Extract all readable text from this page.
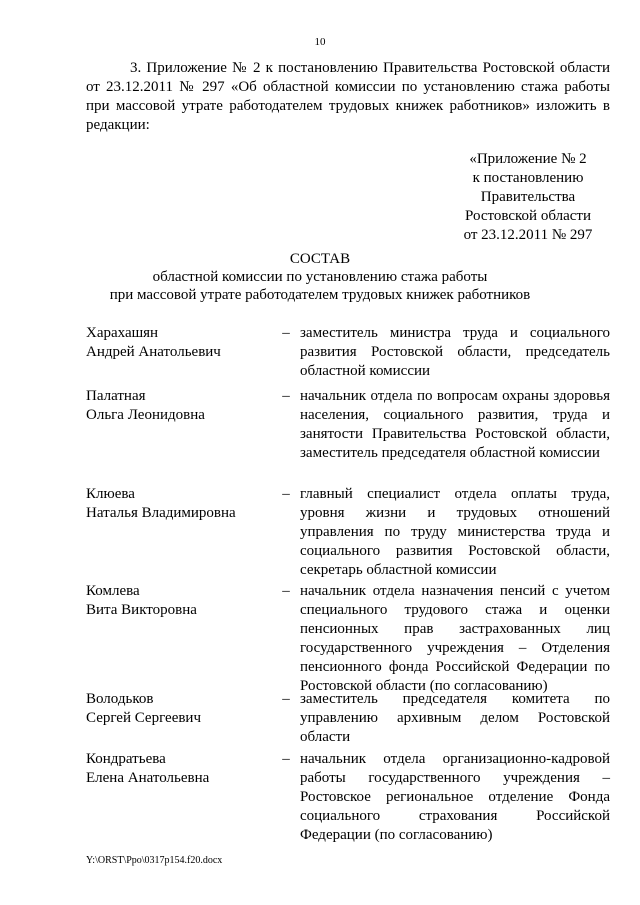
10

3. Приложение № 2 к постановлению Правительства Ростовской области от 23.12.2011 № 297 «Об областной комиссии по установлению стажа работы при массовой утрате работодателем трудовых книжек работников» изложить в редакции:

«Приложение № 2
к постановлению
Правительства
Ростовской области
от 23.12.2011 № 297
СОСТАВ
областной комиссии по установлению стажа работы
при массовой утрате работодателем трудовых книжек работников
Харахашян
Андрей Анатольевич
– заместитель министра труда и социального развития Ростовской области, председатель областной комиссии

Палатная
Ольга Леонидовна
– начальник отдела по вопросам охраны здоровья населения, социального развития, труда и занятости Правительства Ростовской области, заместитель председателя областной комиссии

Клюева
Наталья Владимировна
– главный специалист отдела оплаты труда, уровня жизни и трудовых отношений управления по труду министерства труда и социального развития Ростовской области, секретарь областной комиссии

Комлева
Вита Викторовна
– начальник отдела назначения пенсий с учетом специального трудового стажа и оценки пенсионных прав застрахованных лиц государственного учреждения – Отделения пенсионного фонда Российской Федерации по Ростовской области (по согласованию)

Володьков
Сергей Сергеевич
– заместитель председателя комитета по управлению архивным делом Ростовской области

Кондратьева
Елена Анатольевна
– начальник отдела организационно-кадровой работы государственного учреждения – Ростовское региональное отделение Фонда социального страхования Российской Федерации (по согласованию)

Y:\ORST\Ppo\0317p154.f20.docx
